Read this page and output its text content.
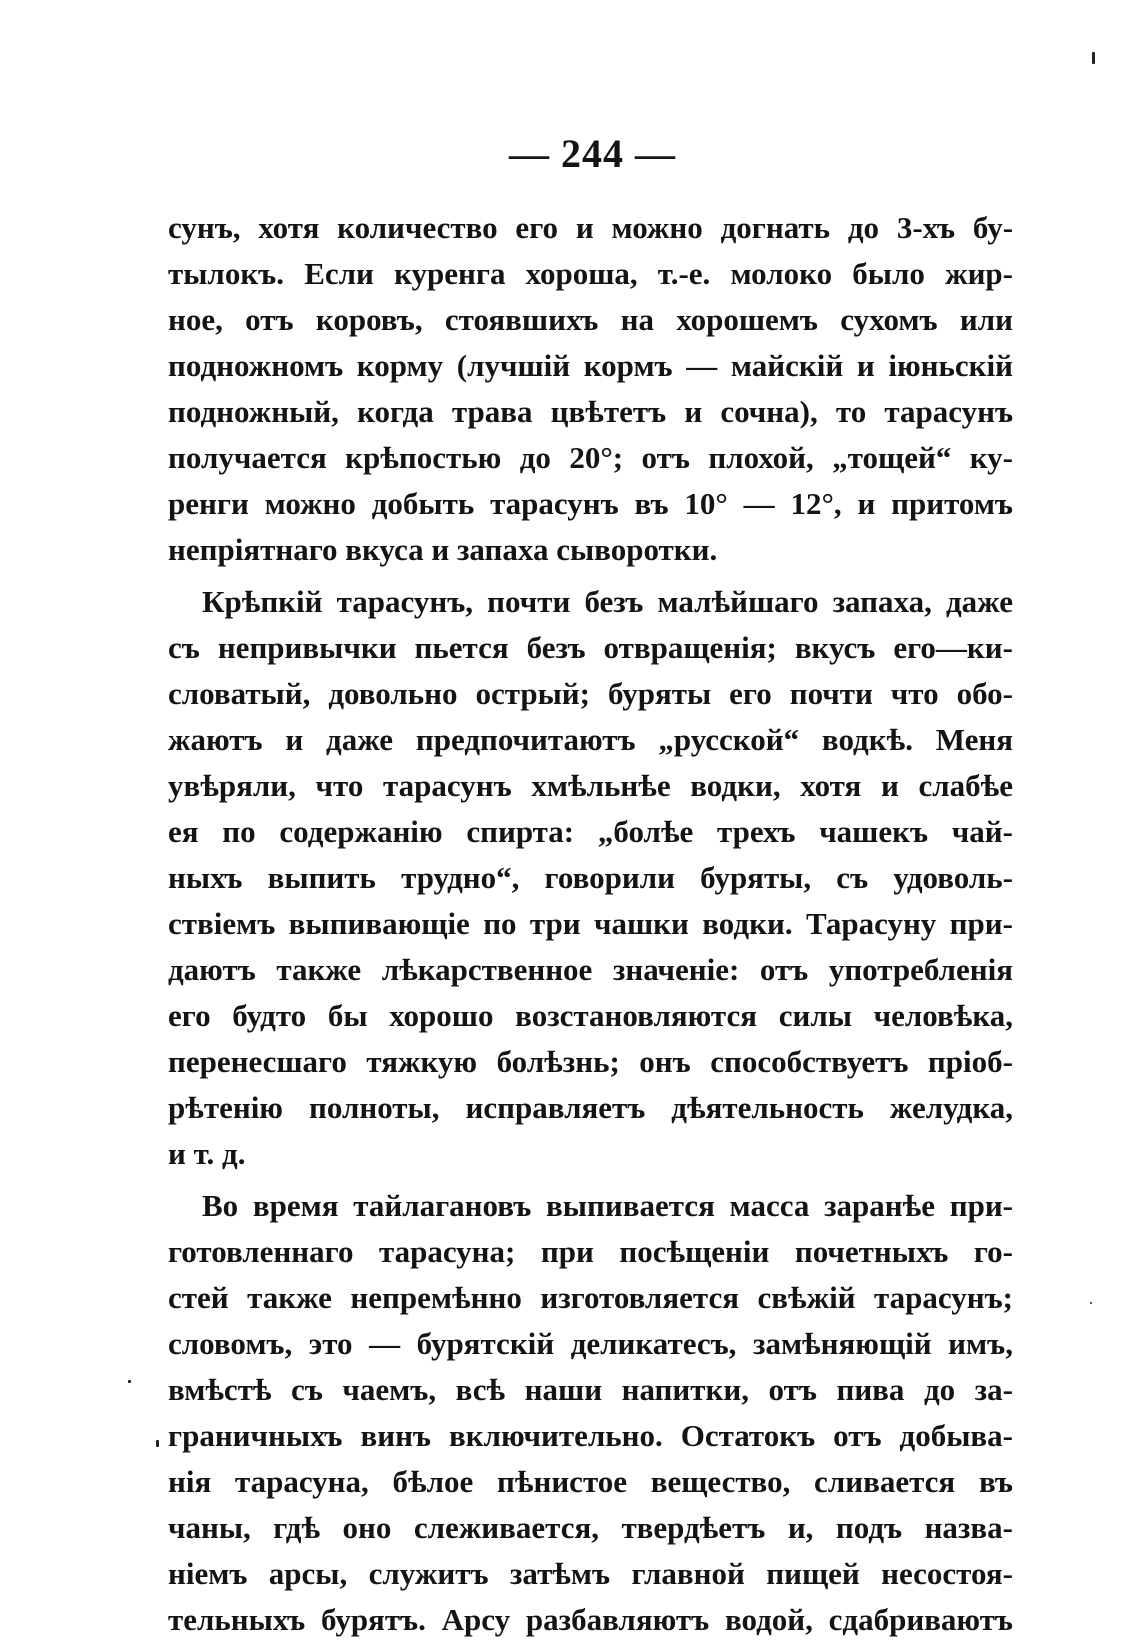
— 244 —
сунъ, хотя количество его и можно догнать до 3-хъ бу-
тылокъ. Если куренга хороша, т.-е. молоко было жир-
ное, отъ коровъ, стоявшихъ на хорошемъ сухомъ или
подножномъ корму (лучшій кормъ — майскій и іюньскій
подножный, когда трава цвѣтетъ и сочна), то тарасунъ
получается крѣпостью до 20°; отъ плохой, „тощей“ ку-
ренги можно добыть тарасунъ въ 10° — 12°, и притомъ
непріятнаго вкуса и запаха сыворотки.
Крѣпкій тарасунъ, почти безъ малѣйшаго запаха, даже
съ непривычки пьется безъ отвращенія; вкусъ его—ки-
словатый, довольно острый; буряты его почти что обо-
жаютъ и даже предпочитаютъ „русской“ водкѣ. Меня
увѣряли, что тарасунъ хмѣльнѣе водки, хотя и слабѣе
ея по содержанію спирта: „болѣе трехъ чашекъ чай-
ныхъ выпить трудно“, говорили буряты, съ удоволь-
ствіемъ выпивающіе по три чашки водки. Тарасуну при-
даютъ также лѣкарственное значеніе: отъ употребленія
его будто бы хорошо возстановляются силы человѣка,
перенесшаго тяжкую болѣзнь; онъ способствуетъ пріоб-
рѣтенію полноты, исправляетъ дѣятельность желудка,
и т. д.
Во время тайлагановъ выпивается масса заранѣе при-
готовленнаго тарасуна; при посѣщеніи почетныхъ го-
стей также непремѣнно изготовляется свѣжій тарасунъ;
словомъ, это — бурятскій деликатесъ, замѣняющій имъ,
вмѣстѣ съ чаемъ, всѣ наши напитки, отъ пива до за-
граничныхъ винъ включительно. Остатокъ отъ добыва-
нія тарасуна, бѣлое пѣнистое вещество, сливается въ
чаны, гдѣ оно слеживается, твердѣетъ и, подъ назва-
ніемъ арсы, служитъ затѣмъ главной пищей несостоя-
тельныхъ бурятъ. Арсу разбавляютъ водой, сдабриваютъ
